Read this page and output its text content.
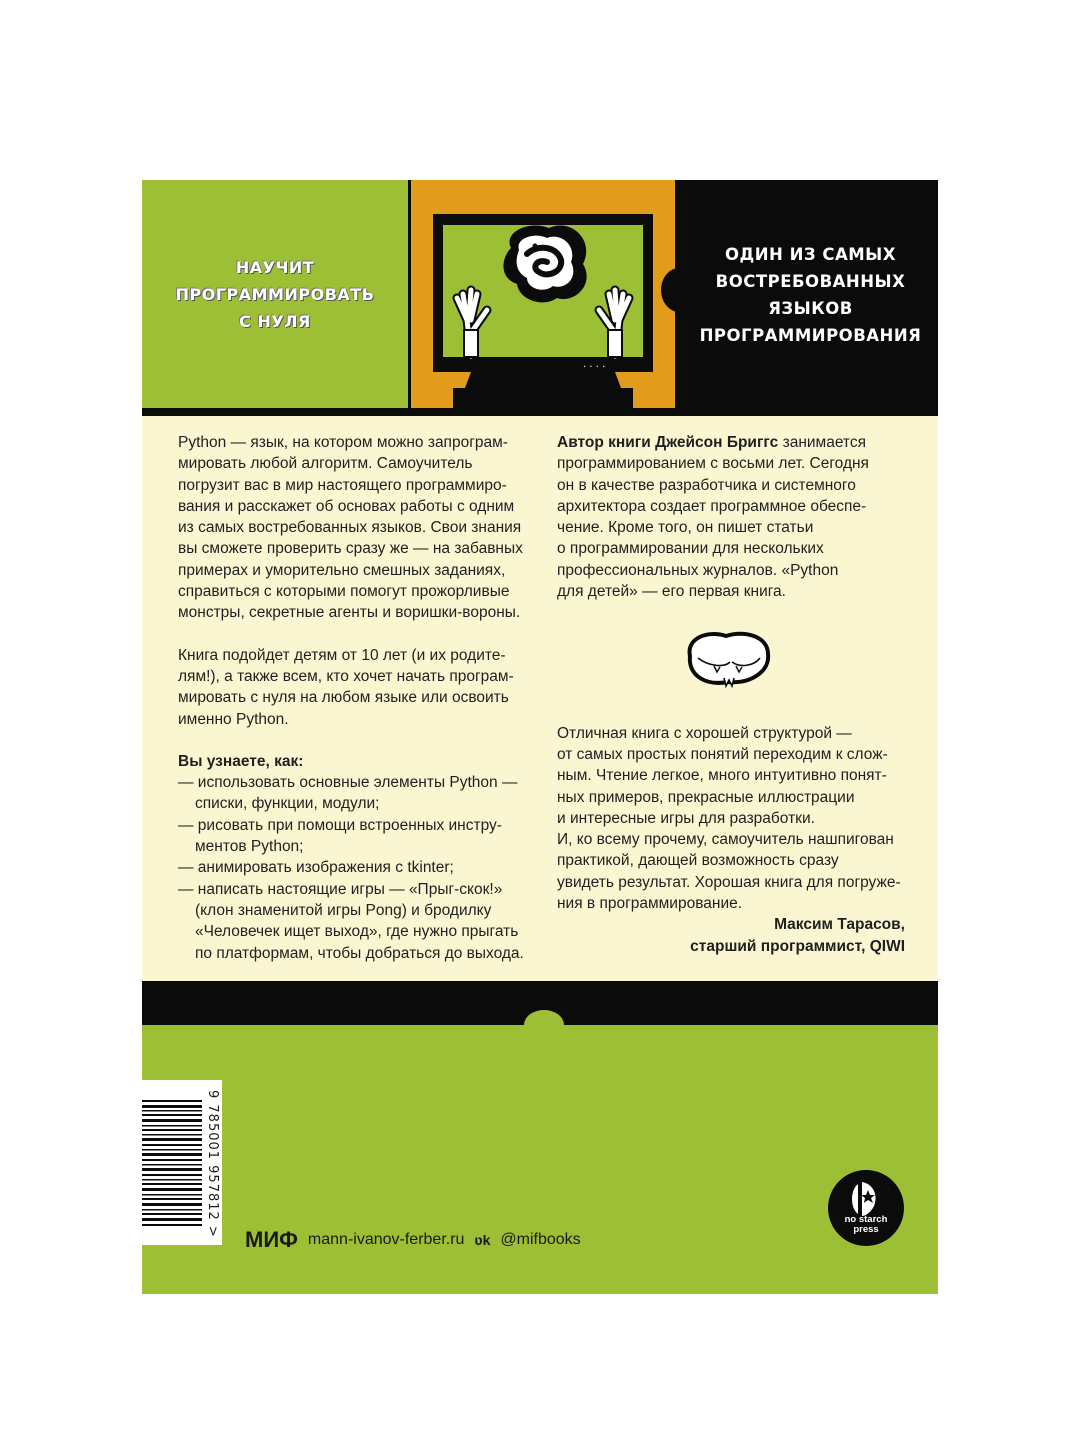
НАУЧИТ
ПРОГРАММИРОВАТЬ
С НУЛЯ
· · · ·
ОДИН ИЗ САМЫХ
ВОСТРЕБОВАННЫХ
ЯЗЫКОВ
ПРОГРАММИРОВАНИЯ

Python — язык, на котором можно запрограм-
мировать любой алгоритм. Самоучитель
погрузит вас в мир настоящего программиро-
вания и расскажет об основах работы с одним
из самых востребованных языков. Свои знания
вы сможете проверить сразу же — на забавных
примерах и уморительно смешных заданиях,
справиться с которыми помогут прожорливые
монстры, секретные агенты и воришки-вороны.

Книга подойдет детям от 10 лет (и их родите-
лям!), а также всем, кто хочет начать програм-
мировать с нуля на любом языке или освоить
именно Python.

Вы узнаете, как:

— использовать основные элементы Python —
списки, функции, модули;

— рисовать при помощи встроенных инстру-
ментов Python;

— анимировать изображения с tkinter;

— написать настоящие игры — «Прыг-скок!»
(клон знаменитой игры Pong) и бродилку
«Человечек ищет выход», где нужно прыгать
по платформам, чтобы добраться до выхода.

Автор книги Джейсон Бриггс занимается
программированием с восьми лет. Сегодня
он в качестве разработчика и системного
архитектора создает программное обеспе-
чение. Кроме того, он пишет статьи
о программировании для нескольких
профессиональных журналов. «Python
для детей» — его первая книга.

Отличная книга с хорошей структурой —
от самых простых понятий переходим к слож-
ным. Чтение легкое, много интуитивно понят-
ных примеров, прекрасные иллюстрации
и интересные игры для разработки.
И, ко всему прочему, самоучитель нашпигован
практикой, дающей возможность сразу
увидеть результат. Хорошая книга для погруже-
ния в программирование.

Максим Тарасов,
старший программист, QIWI

9 785001 957812 >
МИФ mann-ivanov-ferber.ru ʋk @mifbooks
no starch
press
